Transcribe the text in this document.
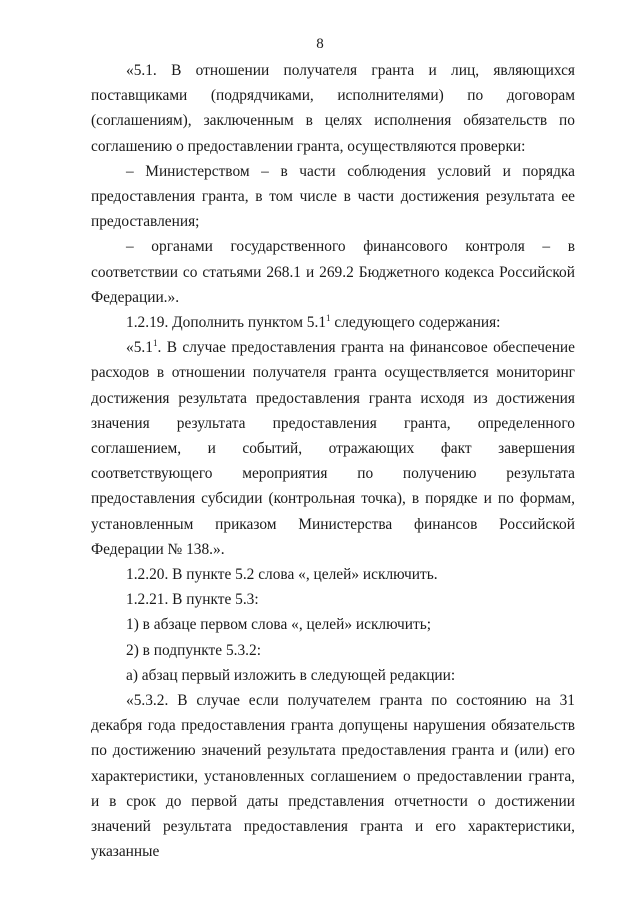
8

«5.1. В отношении получателя гранта и лиц, являющихся поставщиками (подрядчиками, исполнителями) по договорам (соглашениям), заключенным в целях исполнения обязательств по соглашению о предоставлении гранта, осуществляются проверки:

– Министерством – в части соблюдения условий и порядка предоставления гранта, в том числе в части достижения результата ее предоставления;

– органами государственного финансового контроля – в соответствии со статьями 268.1 и 269.2 Бюджетного кодекса Российской Федерации.».

1.2.19. Дополнить пунктом $5.1^1$ следующего содержания:

«$5.1^1$. В случае предоставления гранта на финансовое обеспечение расходов в отношении получателя гранта осуществляется мониторинг достижения результата предоставления гранта исходя из достижения значения результата предоставления гранта, определенного соглашением, и событий, отражающих факт завершения соответствующего мероприятия по получению результата предоставления субсидии (контрольная точка), в порядке и по формам, установленным приказом Министерства финансов Российской Федерации № 138.».

1.2.20. В пункте 5.2 слова «, целей» исключить.

1.2.21. В пункте 5.3:

1) в абзаце первом слова «, целей» исключить;

2) в подпункте 5.3.2:

а) абзац первый изложить в следующей редакции:

«5.3.2. В случае если получателем гранта по состоянию на 31 декабря года предоставления гранта допущены нарушения обязательств по достижению значений результата предоставления гранта и (или) его характеристики, установленных соглашением о предоставлении гранта, и в срок до первой даты представления отчетности о достижении значений результата предоставления гранта и его характеристики, указанные
